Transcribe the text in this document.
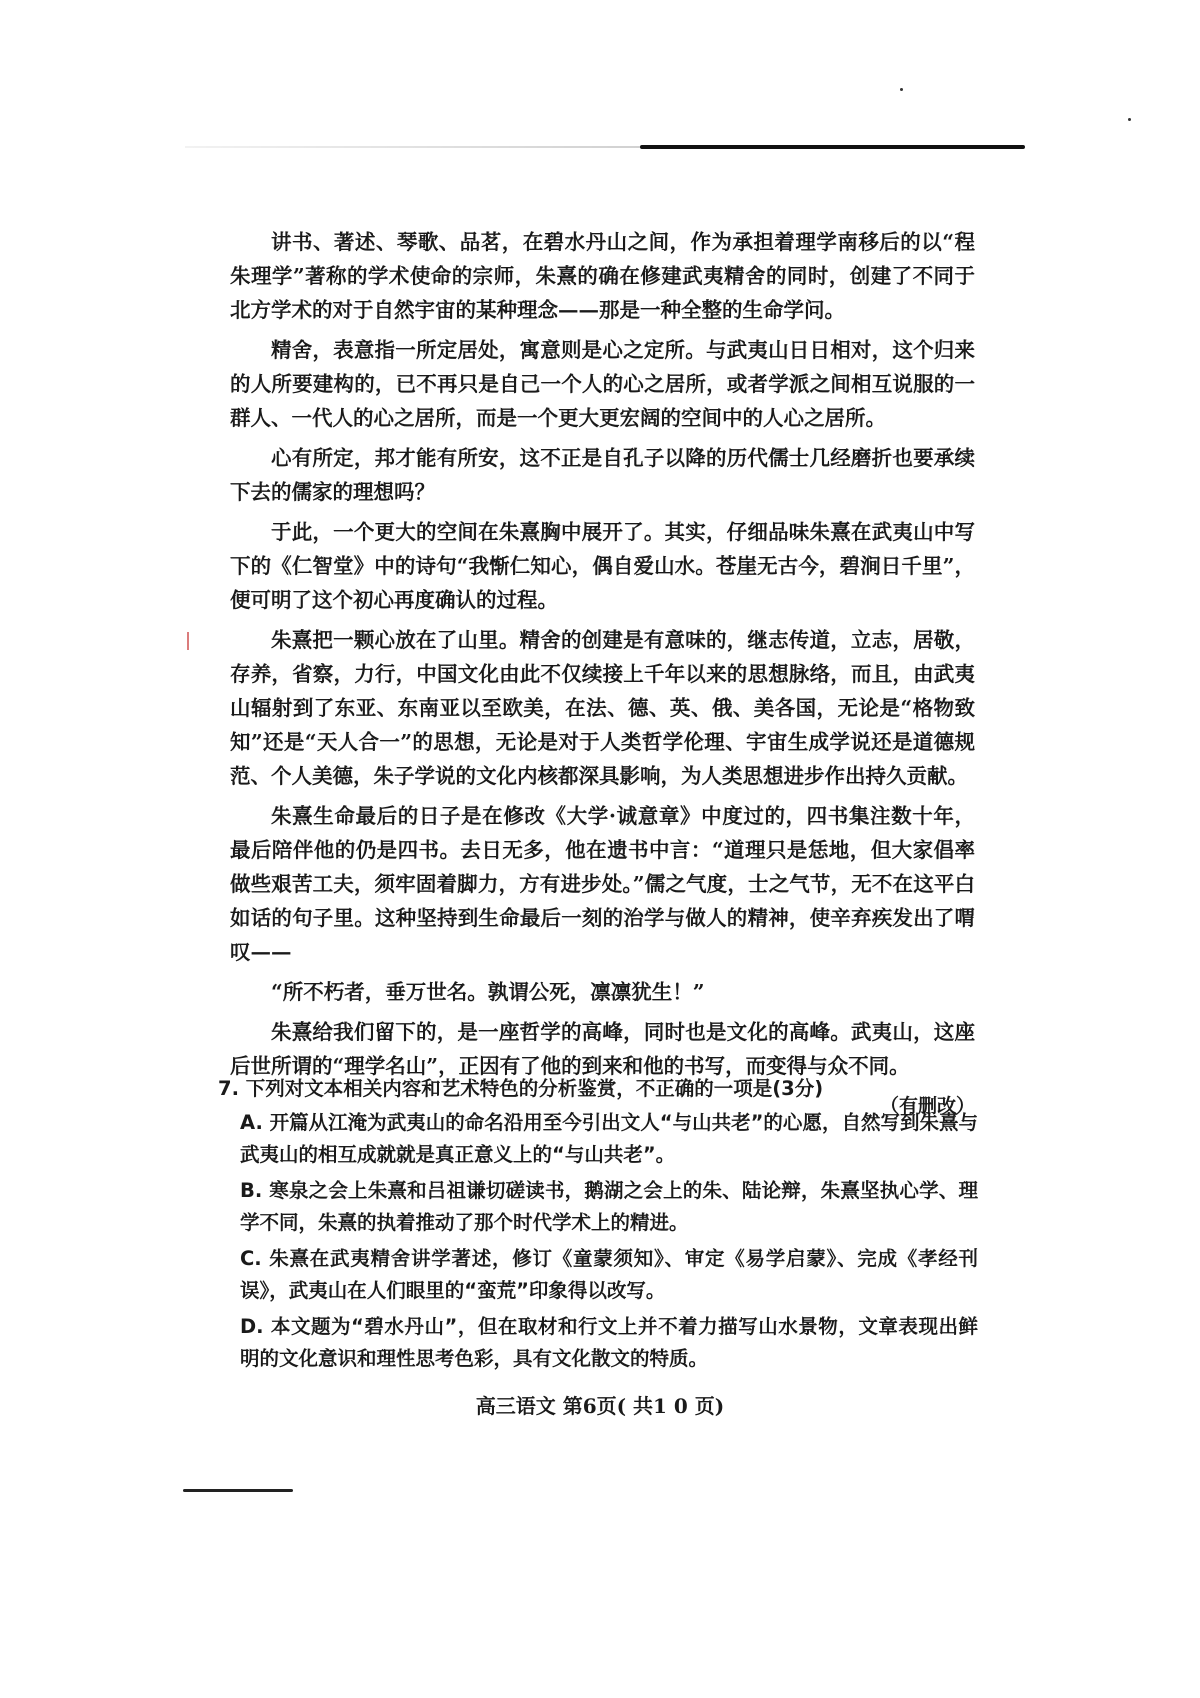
讲书、著述、琴歌、品茗，在碧水丹山之间，作为承担着理学南移后的以“程朱理学”著称的学术使命的宗师，朱熹的确在修建武夷精舍的同时，创建了不同于北方学术的对于自然宇宙的某种理念——那是一种全整的生命学问。

精舍，表意指一所定居处，寓意则是心之定所。与武夷山日日相对，这个归来的人所要建构的，已不再只是自己一个人的心之居所，或者学派之间相互说服的一群人、一代人的心之居所，而是一个更大更宏阔的空间中的人心之居所。

心有所定，邦才能有所安，这不正是自孔子以降的历代儒士几经磨折也要承续下去的儒家的理想吗？

于此，一个更大的空间在朱熹胸中展开了。其实，仔细品味朱熹在武夷山中写下的《仁智堂》中的诗句“我惭仁知心，偶自爱山水。苍崖无古今，碧涧日千里”，便可明了这个初心再度确认的过程。

朱熹把一颗心放在了山里。精舍的创建是有意味的，继志传道，立志，居敬，存养，省察，力行，中国文化由此不仅续接上千年以来的思想脉络，而且，由武夷山辐射到了东亚、东南亚以至欧美，在法、德、英、俄、美各国，无论是“格物致知”还是“天人合一”的思想，无论是对于人类哲学伦理、宇宙生成学说还是道德规范、个人美德，朱子学说的文化内核都深具影响，为人类思想进步作出持久贡献。

朱熹生命最后的日子是在修改《大学·诚意章》中度过的，四书集注数十年，最后陪伴他的仍是四书。去日无多，他在遗书中言：“道理只是恁地，但大家倡率做些艰苦工夫，须牢固着脚力，方有进步处。”儒之气度，士之气节，无不在这平白如话的句子里。这种坚持到生命最后一刻的治学与做人的精神，使辛弃疾发出了喟叹——

“所不朽者，垂万世名。孰谓公死，凛凛犹生！”

朱熹给我们留下的，是一座哲学的高峰，同时也是文化的高峰。武夷山，这座后世所谓的“理学名山”，正因有了他的到来和他的书写，而变得与众不同。

（有删改）

7. 下列对文本相关内容和艺术特色的分析鉴赏，不正确的一项是(3分)

A. 开篇从江淹为武夷山的命名沿用至今引出文人“与山共老”的心愿，自然写到朱熹与武夷山的相互成就就是真正意义上的“与山共老”。

B. 寒泉之会上朱熹和吕祖谦切磋读书，鹅湖之会上的朱、陆论辩，朱熹坚执心学、理学不同，朱熹的执着推动了那个时代学术上的精进。

C. 朱熹在武夷精舍讲学著述，修订《童蒙须知》、审定《易学启蒙》、完成《孝经刊误》，武夷山在人们眼里的“蛮荒”印象得以改写。

D. 本文题为“碧水丹山”，但在取材和行文上并不着力描写山水景物，文章表现出鲜明的文化意识和理性思考色彩，具有文化散文的特质。

高三语文 第6页( 共1 0 页)
